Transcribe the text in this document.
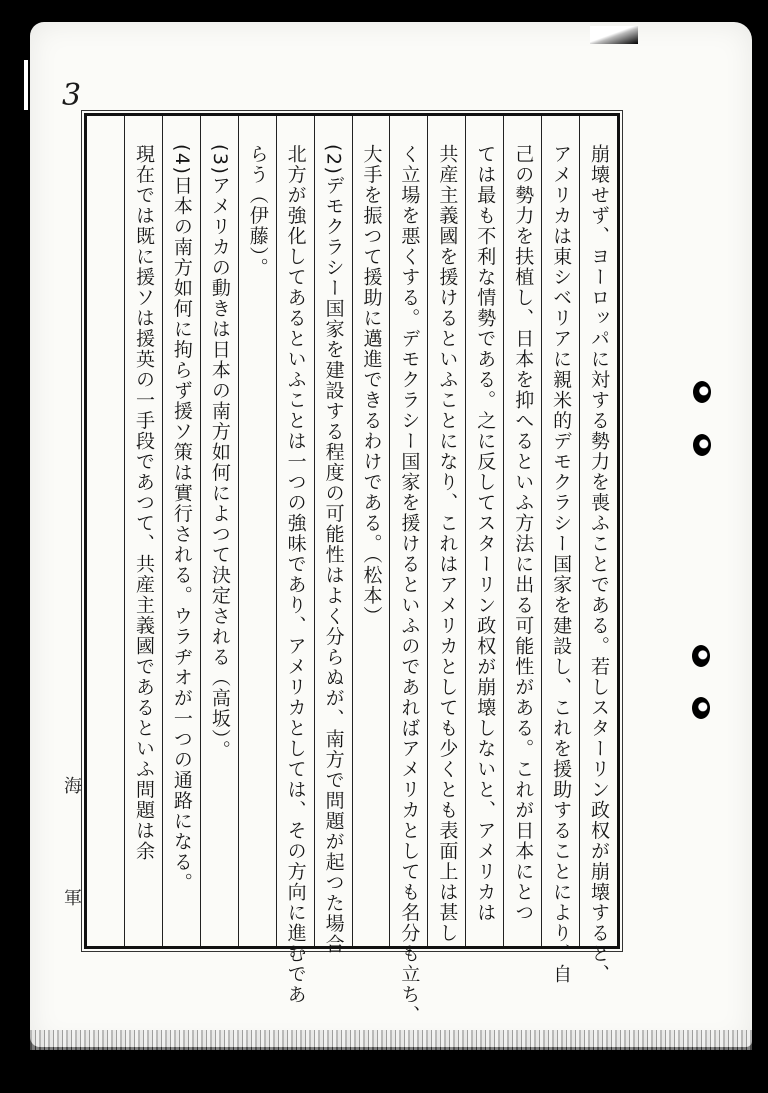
3
崩壊せず、ヨーロッパに対する勢力を喪ふことである。若しスターリン政权が崩壊すると、
アメリカは東シベリアに親米的デモクラシー国家を建設し、これを援助することにより、自
己の勢力を扶植し、日本を抑へるといふ方法に出る可能性がある。これが日本にとつ
ては最も不利な情勢である。之に反してスターリン政权が崩壊しないと、アメリカは
共産主義國を援けるといふことになり、これはアメリカとしても少くとも表面上は甚し
く立場を悪くする。デモクラシー国家を援けるといふのであればアメリカとしても名分も立ち、
大手を振つて援助に邁進できるわけである。（松本）
(2)デモクラシー国家を建設する程度の可能性はよく分らぬが、南方で問題が起つた場合
北方が強化してあるといふことは一つの強味であり、アメリカとしては、その方向に進むであ
らう（伊藤）。
(3)アメリカの動きは日本の南方如何によつて決定される（高坂）。
(4)日本の南方如何に拘らず援ソ策は實行される。ウラヂオが一つの通路になる。
現在では既に援ソは援英の一手段であつて、共産主義國であるといふ問題は余
海
軍
